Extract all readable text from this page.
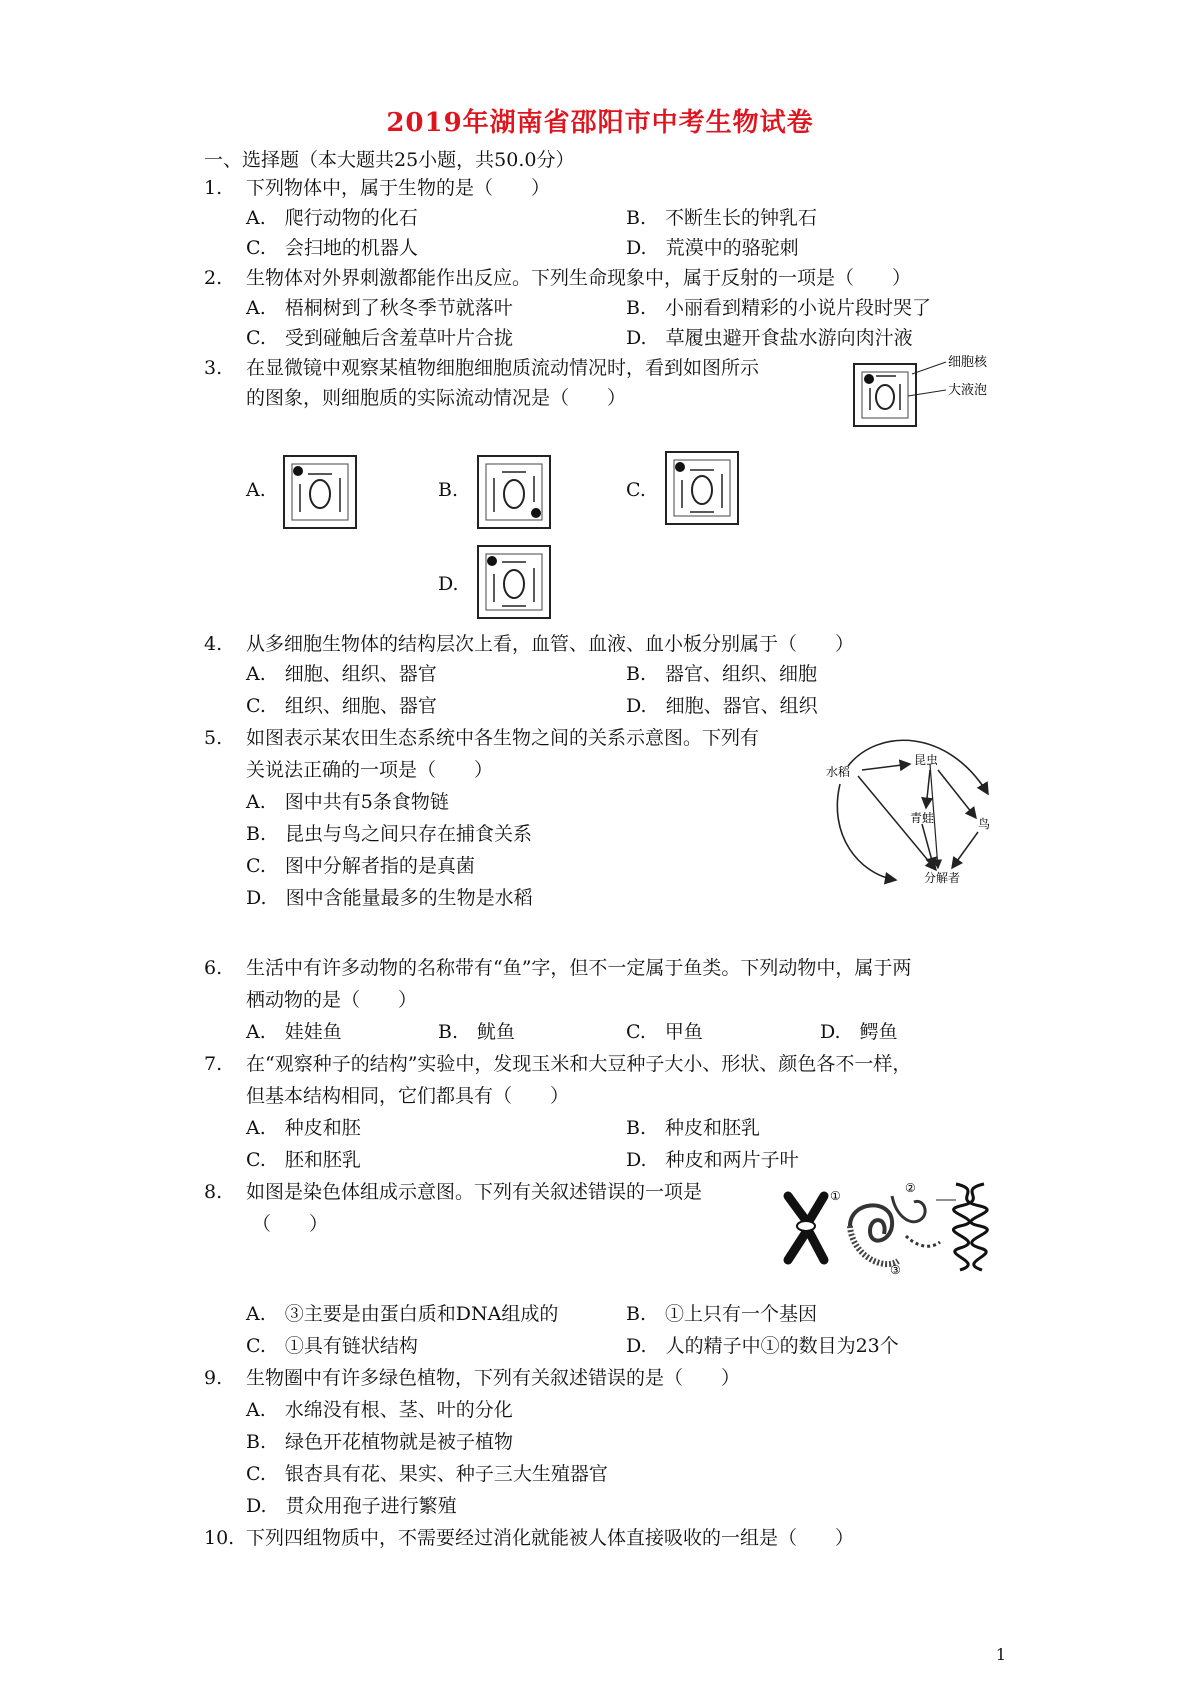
2019年湖南省邵阳市中考生物试卷
一、选择题（本大题共25小题，共50.0分）
1. 下列物体中，属于生物的是（　　）
A.　爬行动物的化石	B.　不断生长的钟乳石
C.　会扫地的机器人	D.　荒漠中的骆驼刺
2. 生物体对外界刺激都能作出反应。下列生命现象中，属于反射的一项是（　　）
A.　梧桐树到了秋冬季节就落叶	B.　小丽看到精彩的小说片段时哭了
C.　受到碰触后含羞草叶片合拢	D.　草履虫避开食盐水游向肉汁液
3. 在显微镜中观察某植物细胞细胞质流动情况时，看到如图所示
的图象，则细胞质的实际流动情况是（　　）
细胞核
大液泡
A.	B.	C.
D.
4. 从多细胞生物体的结构层次上看，血管、血液、血小板分别属于（　　）
A.　细胞、组织、器官	B.　器官、组织、细胞
C.　组织、细胞、器官	D.　细胞、器官、组织
5. 如图表示某农田生态系统中各生物之间的关系示意图。下列有
关说法正确的一项是（　　）
A.　图中共有5条食物链
B.　昆虫与鸟之间只存在捕食关系
C.　图中分解者指的是真菌
D.　图中含能量最多的生物是水稻
水稻
昆虫
青蛙	鸟
分解者
6. 生活中有许多动物的名称带有“鱼”字，但不一定属于鱼类。下列动物中，属于两
栖动物的是（　　）
A.　娃娃鱼	B.　鱿鱼	C.　甲鱼	D.　鳄鱼
7. 在“观察种子的结构”实验中，发现玉米和大豆种子大小、形状、颜色各不一样，
但基本结构相同，它们都具有（　　）
A.　种皮和胚	B.　种皮和胚乳
C.　胚和胚乳	D.　种皮和两片子叶
8. 如图是染色体组成示意图。下列有关叙述错误的一项是
（　　）
①
②
③
A.　③主要是由蛋白质和DNA组成的	B.　①上只有一个基因
C.　①具有链状结构	D.　人的精子中①的数目为23个
9. 生物圈中有许多绿色植物，下列有关叙述错误的是（　　）
A.　水绵没有根、茎、叶的分化
B.　绿色开花植物就是被子植物
C.　银杏具有花、果实、种子三大生殖器官
D.　贯众用孢子进行繁殖
10. 下列四组物质中，不需要经过消化就能被人体直接吸收的一组是（　　）
1
